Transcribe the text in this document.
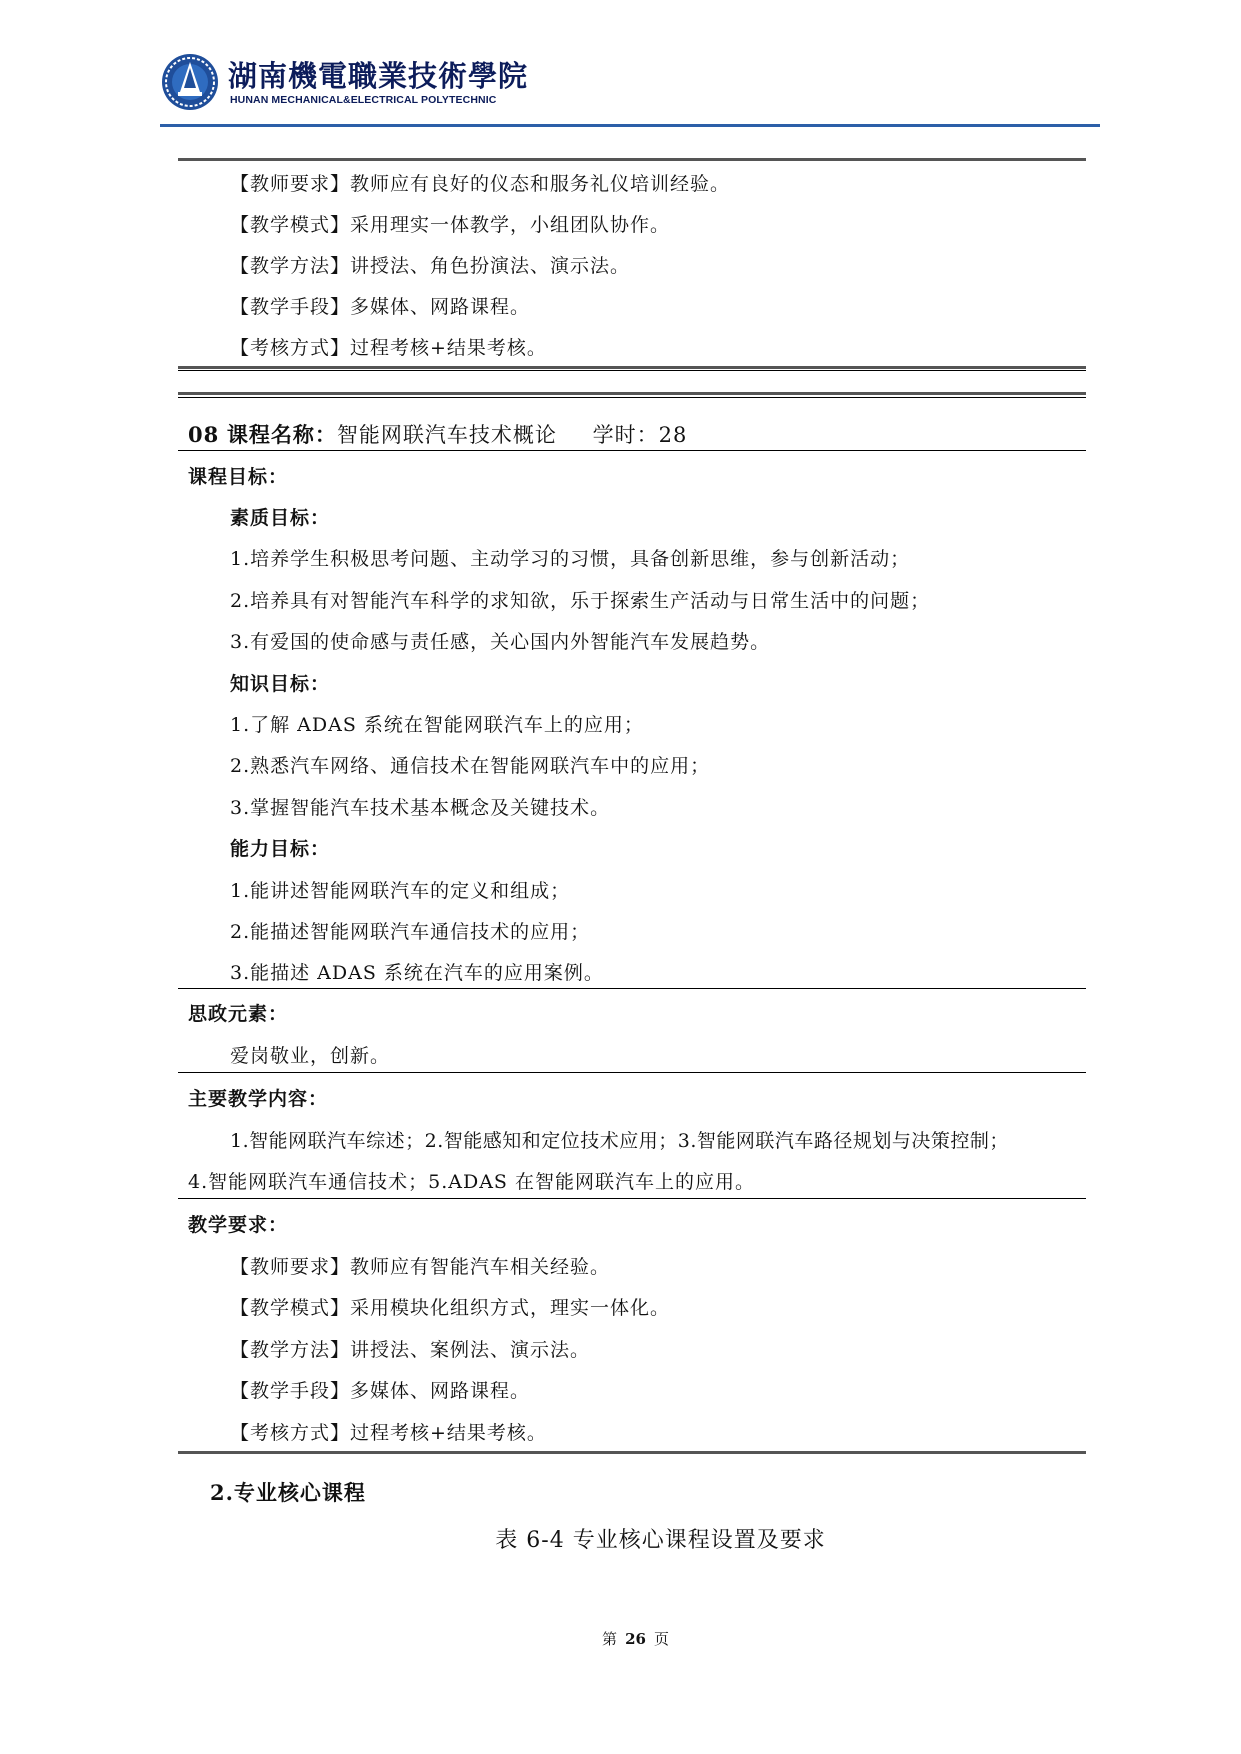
湖南機電職業技術學院
HUNAN MECHANICAL&ELECTRICAL POLYTECHNIC
【教师要求】教师应有良好的仪态和服务礼仪培训经验。
【教学模式】采用理实一体教学，小组团队协作。
【教学方法】讲授法、角色扮演法、演示法。
【教学手段】多媒体、网路课程。
【考核方式】过程考核+结果考核。
08 课程名称：智能网联汽车技术概论 学时：28
课程目标：
素质目标：
1.培养学生积极思考问题、主动学习的习惯，具备创新思维，参与创新活动；
2.培养具有对智能汽车科学的求知欲，乐于探索生产活动与日常生活中的问题；
3.有爱国的使命感与责任感，关心国内外智能汽车发展趋势。
知识目标：
1.了解 ADAS 系统在智能网联汽车上的应用；
2.熟悉汽车网络、通信技术在智能网联汽车中的应用；
3.掌握智能汽车技术基本概念及关键技术。
能力目标：
1.能讲述智能网联汽车的定义和组成；
2.能描述智能网联汽车通信技术的应用；
3.能描述 ADAS 系统在汽车的应用案例。
思政元素：
爱岗敬业，创新。
主要教学内容：
1.智能网联汽车综述；2.智能感知和定位技术应用；3.智能网联汽车路径规划与决策控制；
4.智能网联汽车通信技术；5.ADAS 在智能网联汽车上的应用。
教学要求：
【教师要求】教师应有智能汽车相关经验。
【教学模式】采用模块化组织方式，理实一体化。
【教学方法】讲授法、案例法、演示法。
【教学手段】多媒体、网路课程。
【考核方式】过程考核+结果考核。
2.专业核心课程
表 6-4 专业核心课程设置及要求
第 26 页
